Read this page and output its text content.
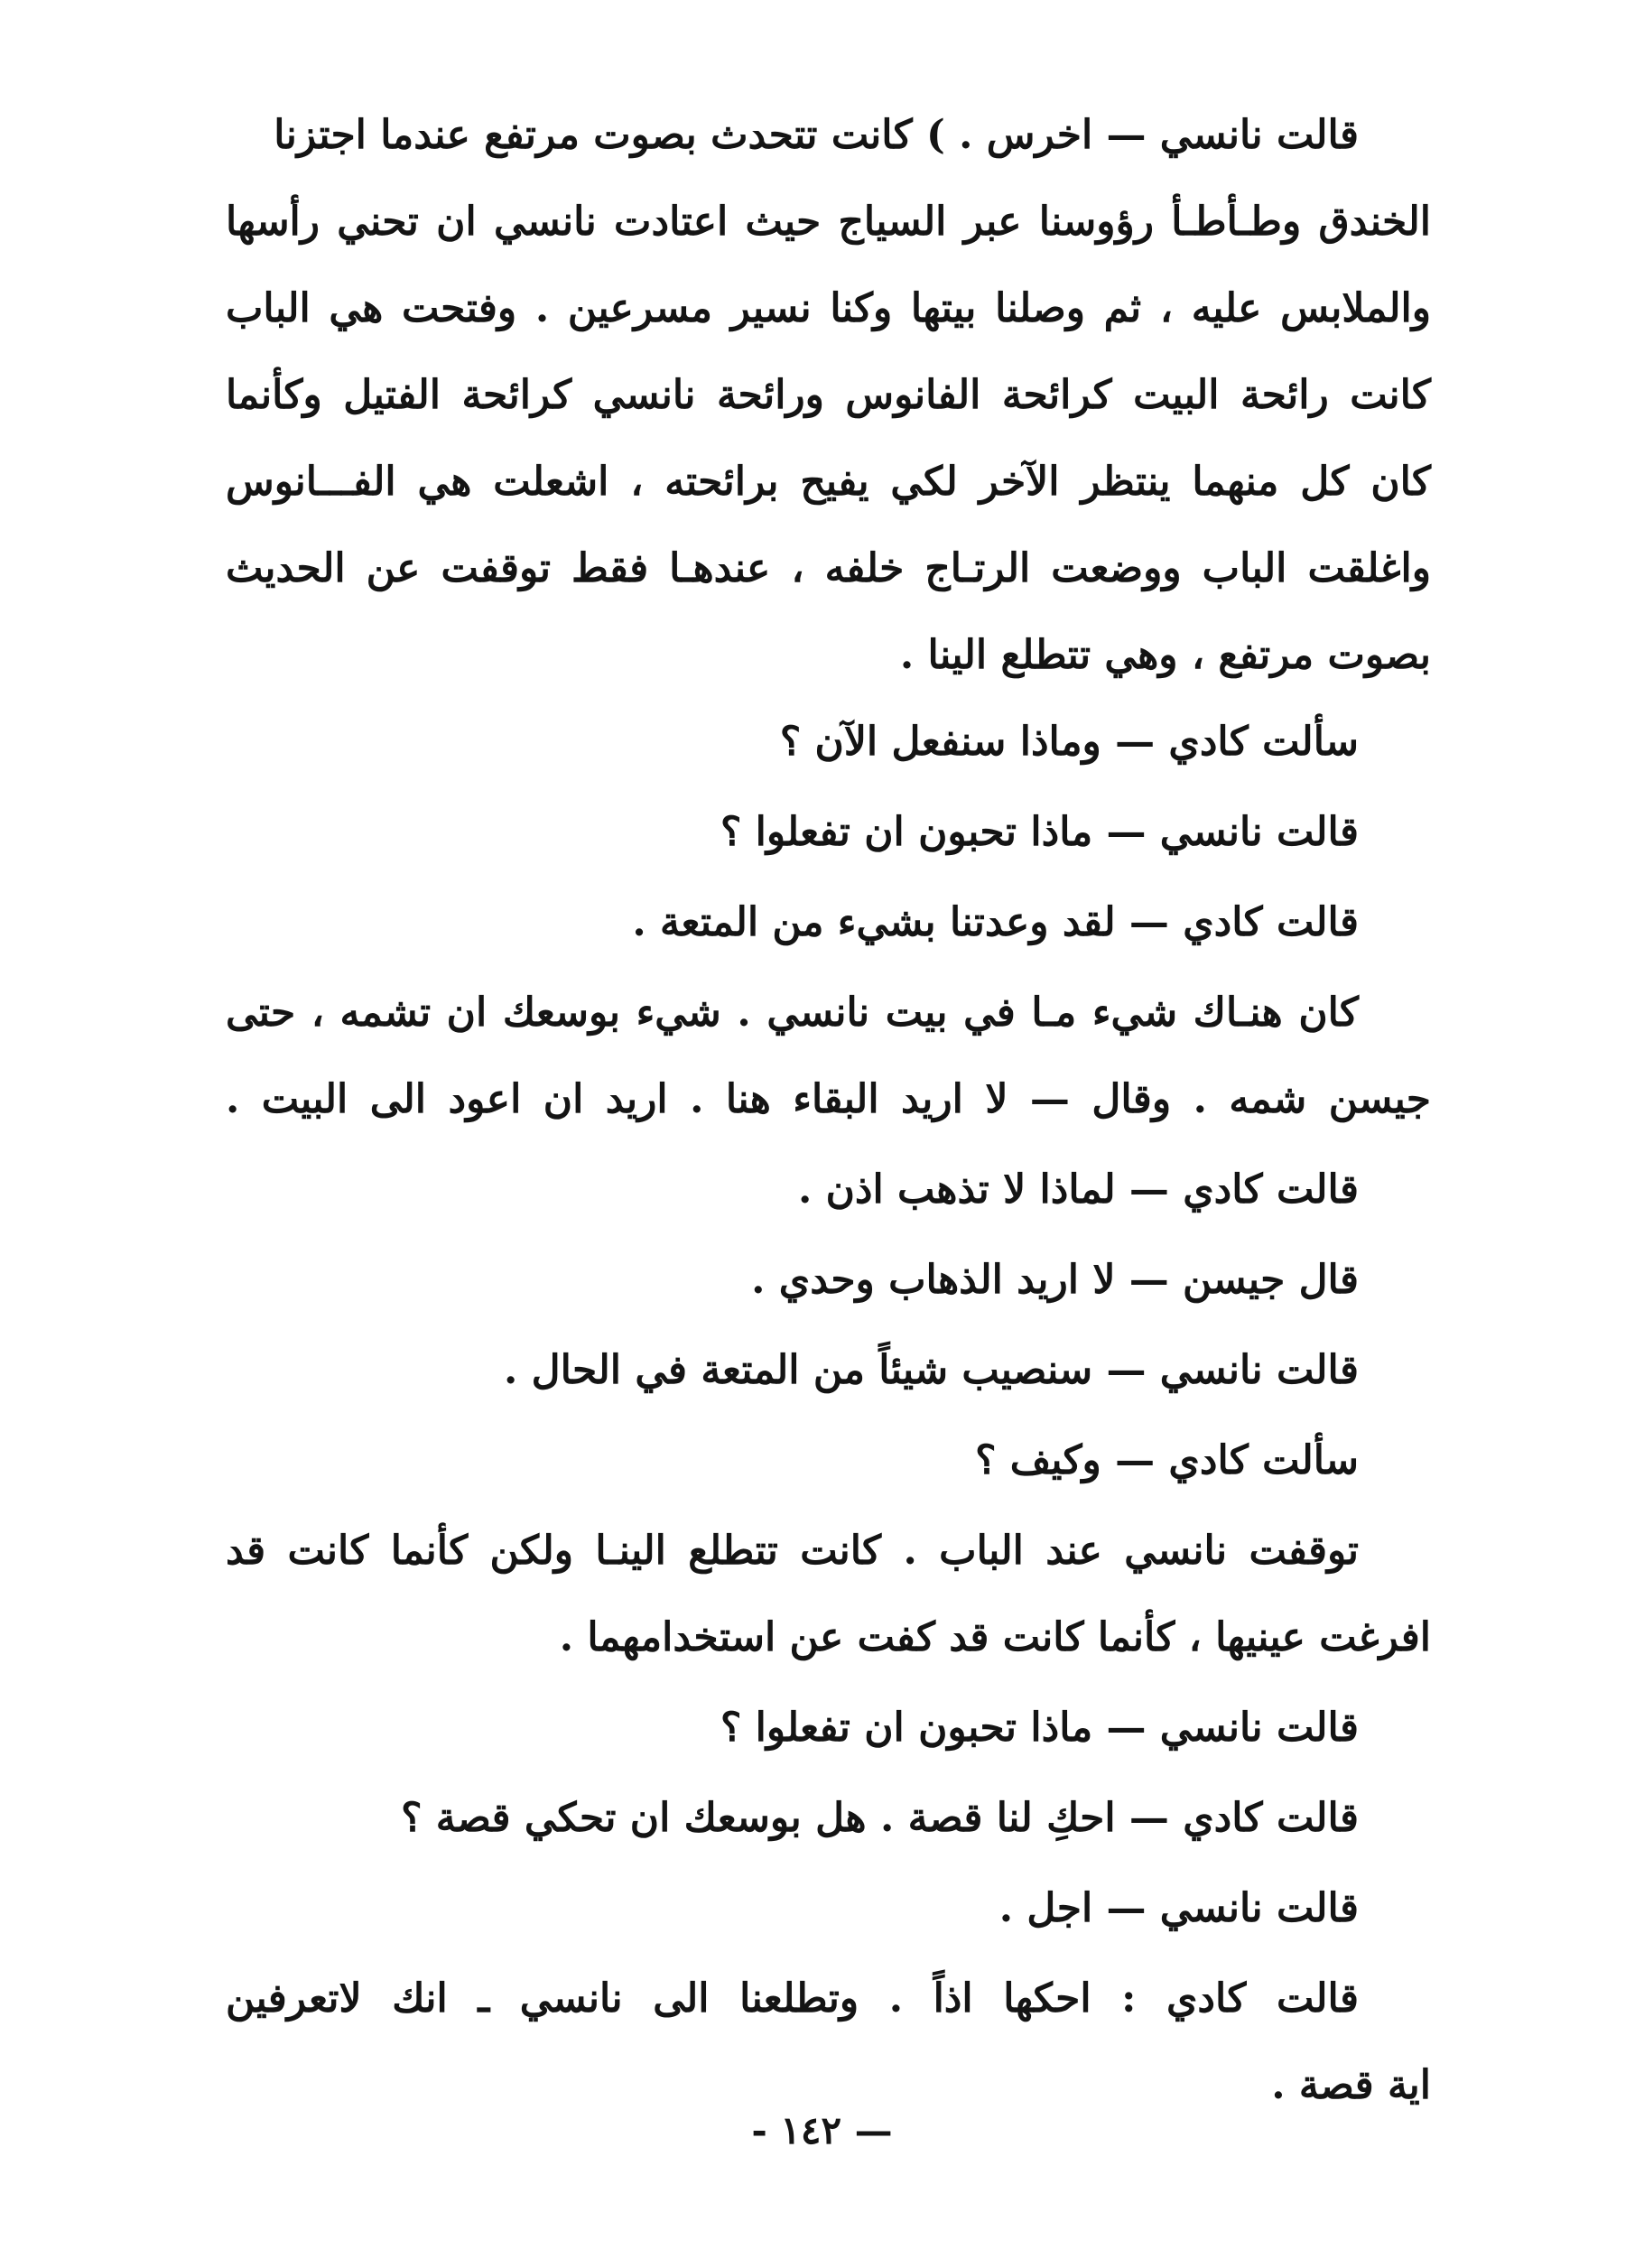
قالت نانسي — اخرس . ) كانت تتحدث بصوت مرتفع عندما اجتزنا
الخندق وطـأطـأ رؤوسنا عبر السياج حيث اعتادت نانسي ان تحني رأسها
والملابس عليه ، ثم وصلنا بيتها وكنا نسير مسرعين . وفتحت هي الباب
كانت رائحة البيت كرائحة الفانوس ورائحة نانسي كرائحة الفتيل وكأنما
كان كل منهما ينتظر الآخر لكي يفيح برائحته ، اشعلت هي الفـــانوس
واغلقت الباب ووضعت الرتـاج خلفه ، عندهـا فقط توقفت عن الحديث
بصوت مرتفع ، وهي تتطلع الينا .
سألت كادي — وماذا سنفعل الآن ؟
قالت نانسي — ماذا تحبون ان تفعلوا ؟
قالت كادي — لقد وعدتنا بشيء من المتعة .
كان هنـاك شيء مـا في بيت نانسي . شيء بوسعك ان تشمه ، حتى
جيسن شمه . وقال — لا اريد البقاء هنا . اريد ان اعود الى البيت .
قالت كادي — لماذا لا تذهب اذن .
قال جيسن — لا اريد الذهاب وحدي .
قالت نانسي — سنصيب شيئاً من المتعة في الحال .
سألت كادي — وكيف ؟
توقفت نانسي عند الباب . كانت تتطلع الينـا ولكن كأنما كانت قد
افرغت عينيها ، كأنما كانت قد كفت عن استخدامهما .
قالت نانسي — ماذا تحبون ان تفعلوا ؟
قالت كادي — احكِ لنا قصة . هل بوسعك ان تحكي قصة ؟
قالت نانسي — اجل .
قالت كادي : احكها اذاً . وتطلعنا الى نانسي ـ انك لاتعرفين
اية قصة .
— ١٤٢ -
